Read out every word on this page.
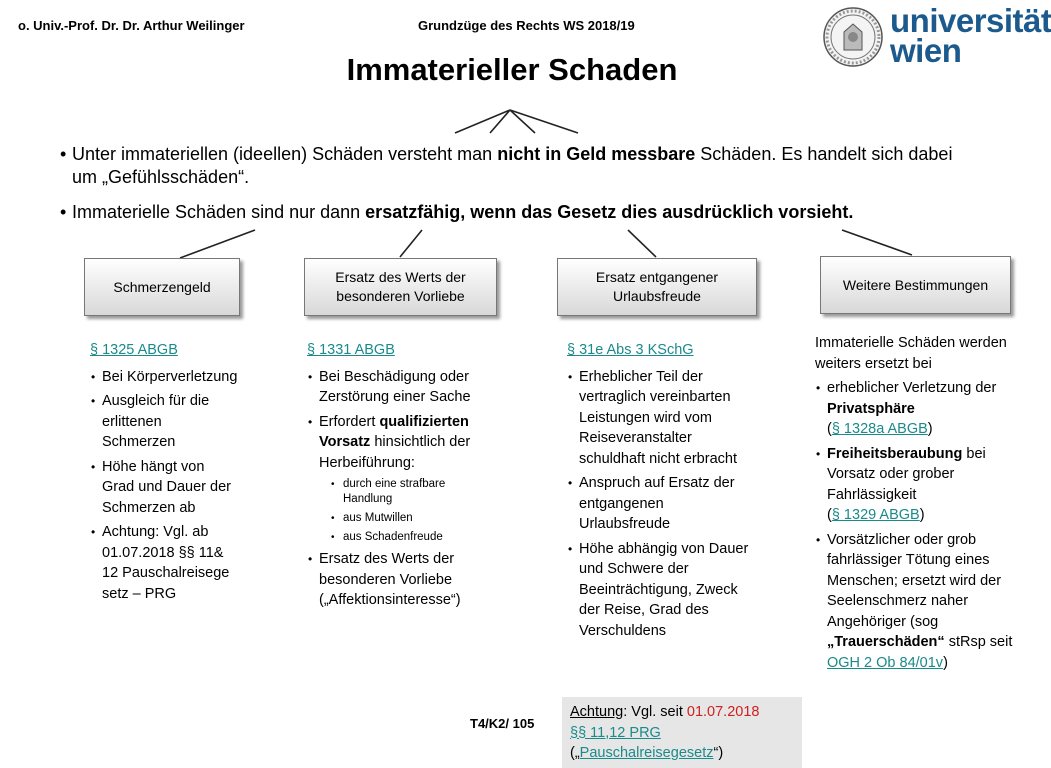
o. Univ.-Prof. Dr. Dr. Arthur Weilinger	Grundzüge des Rechts WS 2018/19	universität
wien
Immaterieller Schaden
• Unter immateriellen (ideellen) Schäden versteht man nicht in Geld messbare Schäden. Es handelt sich dabei um „Gefühlsschäden“.
• Immaterielle Schäden sind nur dann ersatzfähig, wenn das Gesetz dies ausdrücklich vorsieht.
Schmerzengeld
Ersatz des Werts der besonderen Vorliebe
Ersatz entgangener Urlaubsfreude
Weitere Bestimmungen
§ 1325 ABGB
• Bei Körperverletzung
• Ausgleich für die erlittenen Schmerzen
• Höhe hängt von Grad und Dauer der Schmerzen ab
• Achtung: Vgl. ab 01.07.2018 §§ 11& 12 Pauschalreisege setz – PRG
§ 1331 ABGB
• Bei Beschädigung oder Zerstörung einer Sache
• Erfordert qualifizierten Vorsatz hinsichtlich der Herbeiführung:
• durch eine strafbare Handlung
• aus Mutwillen
• aus Schadenfreude
• Ersatz des Werts der besonderen Vorliebe („Affektionsinteresse“)
§ 31e Abs 3 KSchG
• Erheblicher Teil der vertraglich vereinbarten Leistungen wird vom Reiseveranstalter schuldhaft nicht erbracht
• Anspruch auf Ersatz der entgangenen Urlaubsfreude
• Höhe abhängig von Dauer und Schwere der Beeinträchtigung, Zweck der Reise, Grad des Verschuldens
Immaterielle Schäden werden weiters ersetzt bei
• erheblicher Verletzung der Privatsphäre
(§ 1328a ABGB)
• Freiheitsberaubung bei Vorsatz oder grober Fahrlässigkeit
(§ 1329 ABGB)
• Vorsätzlicher oder grob fahrlässiger Tötung eines Menschen; ersetzt wird der Seelenschmerz naher Angehöriger (sog „Trauerschäden“ stRsp seit OGH 2 Ob 84/01v)
T4/K2/ 105
Achtung: Vgl. seit 01.07.2018
§§ 11,12 PRG
(„Pauschalreisegesetz“)
